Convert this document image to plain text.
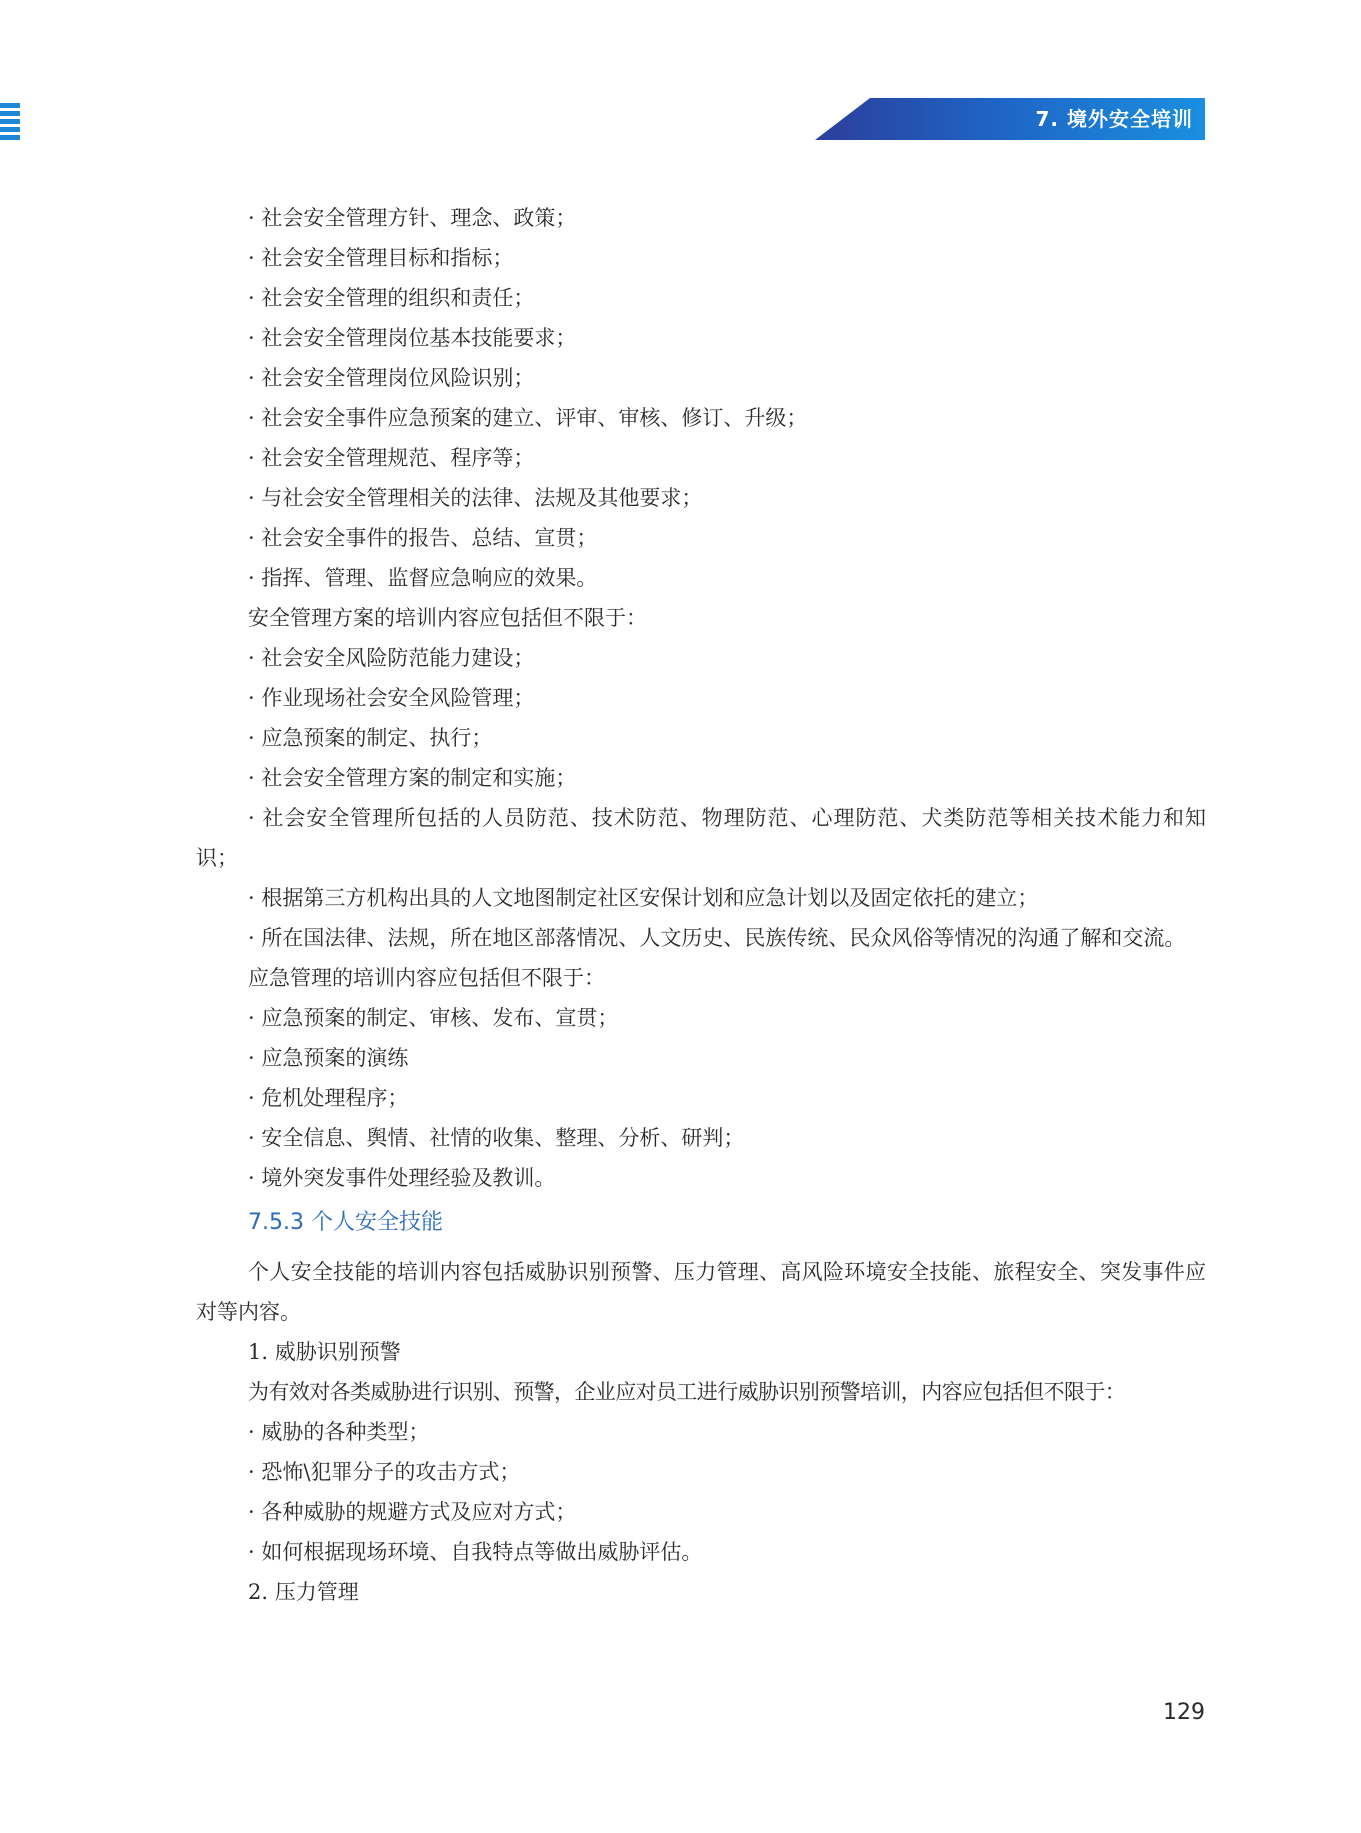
7. 境外安全培训
· 社会安全管理方针、理念、政策；
· 社会安全管理目标和指标；
· 社会安全管理的组织和责任；
· 社会安全管理岗位基本技能要求；
· 社会安全管理岗位风险识别；
· 社会安全事件应急预案的建立、评审、审核、修订、升级；
· 社会安全管理规范、程序等；
· 与社会安全管理相关的法律、法规及其他要求；
· 社会安全事件的报告、总结、宣贯；
· 指挥、管理、监督应急响应的效果。
安全管理方案的培训内容应包括但不限于：
· 社会安全风险防范能力建设；
· 作业现场社会安全风险管理；
· 应急预案的制定、执行；
· 社会安全管理方案的制定和实施；
· 社会安全管理所包括的人员防范、技术防范、物理防范、心理防范、犬类防范等相关技术能力和知识；
· 根据第三方机构出具的人文地图制定社区安保计划和应急计划以及固定依托的建立；
· 所在国法律、法规，所在地区部落情况、人文历史、民族传统、民众风俗等情况的沟通了解和交流。
应急管理的培训内容应包括但不限于：
· 应急预案的制定、审核、发布、宣贯；
· 应急预案的演练
· 危机处理程序；
· 安全信息、舆情、社情的收集、整理、分析、研判；
· 境外突发事件处理经验及教训。
7.5.3 个人安全技能
个人安全技能的培训内容包括威胁识别预警、压力管理、高风险环境安全技能、旅程安全、突发事件应对等内容。
1. 威胁识别预警
为有效对各类威胁进行识别、预警，企业应对员工进行威胁识别预警培训，内容应包括但不限于：
· 威胁的各种类型；
· 恐怖\犯罪分子的攻击方式；
· 各种威胁的规避方式及应对方式；
· 如何根据现场环境、自我特点等做出威胁评估。
2. 压力管理
129
